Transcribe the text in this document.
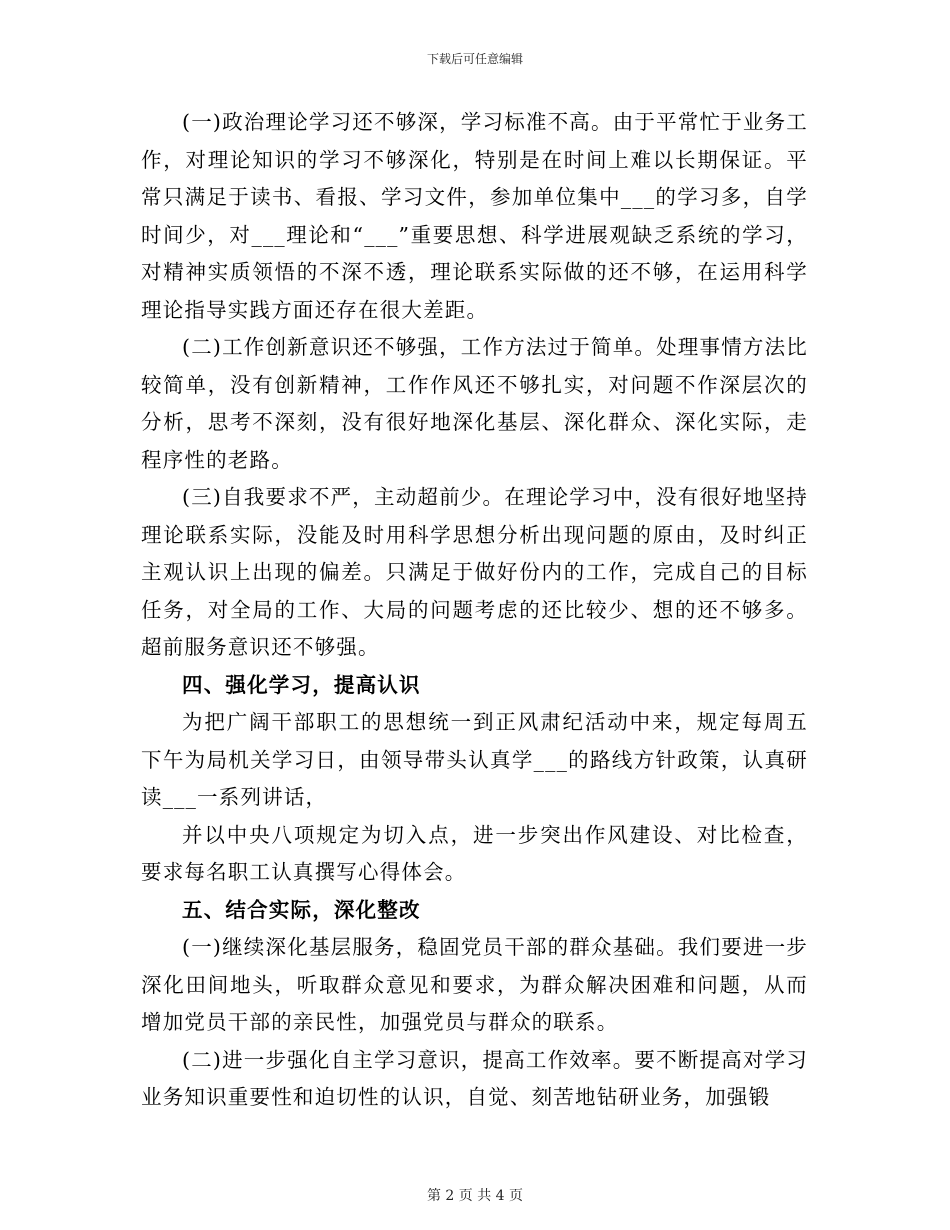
下载后可任意编辑

(一)政治理论学习还不够深，学习标准不高。由于平常忙于业务工作，对理论知识的学习不够深化，特别是在时间上难以长期保证。平常只满足于读书、看报、学习文件，参加单位集中___的学习多，自学时间少，对___理论和“___”重要思想、科学进展观缺乏系统的学习，对精神实质领悟的不深不透，理论联系实际做的还不够，在运用科学理论指导实践方面还存在很大差距。

(二)工作创新意识还不够强，工作方法过于简单。处理事情方法比较简单，没有创新精神，工作作风还不够扎实，对问题不作深层次的分析，思考不深刻，没有很好地深化基层、深化群众、深化实际，走程序性的老路。

(三)自我要求不严，主动超前少。在理论学习中，没有很好地坚持理论联系实际，没能及时用科学思想分析出现问题的原由，及时纠正主观认识上出现的偏差。只满足于做好份内的工作，完成自己的目标任务，对全局的工作、大局的问题考虑的还比较少、想的还不够多。超前服务意识还不够强。

四、强化学习，提高认识

为把广阔干部职工的思想统一到正风肃纪活动中来，规定每周五下午为局机关学习日，由领导带头认真学___的路线方针政策，认真研读___一系列讲话，

并以中央八项规定为切入点，进一步突出作风建设、对比检查，要求每名职工认真撰写心得体会。

五、结合实际，深化整改

(一)继续深化基层服务，稳固党员干部的群众基础。我们要进一步深化田间地头，听取群众意见和要求，为群众解决困难和问题，从而增加党员干部的亲民性，加强党员与群众的联系。

(二)进一步强化自主学习意识，提高工作效率。要不断提高对学习业务知识重要性和迫切性的认识，自觉、刻苦地钻研业务，加强锻

第 2 页 共 4 页
